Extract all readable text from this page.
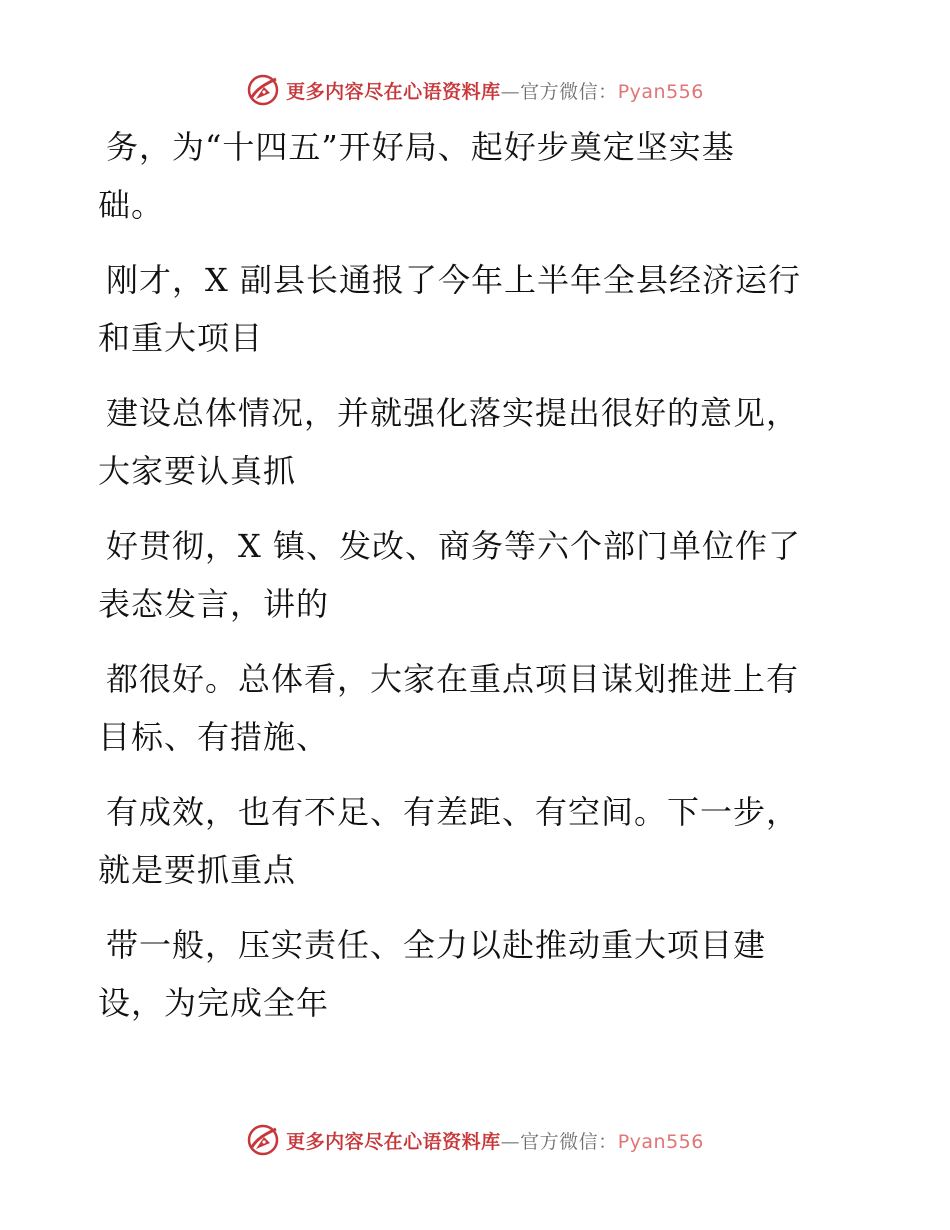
更多内容尽在心语资料库—官方微信：Pyan556
务，为“十四五”开好局、起好步奠定坚实基
础。
刚才，X 副县长通报了今年上半年全县经济运行
和重大项目
建设总体情况，并就强化落实提出很好的意见，
大家要认真抓
好贯彻，X 镇、发改、商务等六个部门单位作了
表态发言，讲的
都很好。总体看，大家在重点项目谋划推进上有
目标、有措施、
有成效，也有不足、有差距、有空间。下一步，
就是要抓重点
带一般，压实责任、全力以赴推动重大项目建
设，为完成全年
更多内容尽在心语资料库—官方微信：Pyan556
